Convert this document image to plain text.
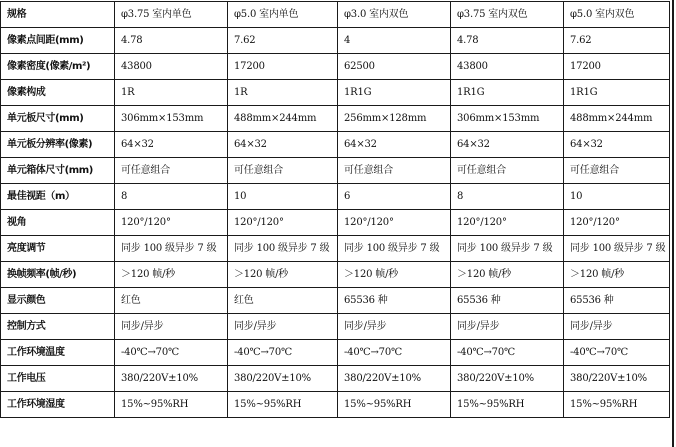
规格	φ3.75 室内单色	φ5.0 室内单色	φ3.0 室内双色	φ3.75 室内双色	φ5.0 室内双色
像素点间距(mm)	4.78	7.62	4	4.78	7.62
像素密度(像素/m²)	43800	17200	62500	43800	17200
像素构成	1R	1R	1R1G	1R1G	1R1G
单元板尺寸(mm)	306mm×153mm	488mm×244mm	256mm×128mm	306mm×153mm	488mm×244mm
单元板分辨率(像素)	64×32	64×32	64×32	64×32	64×32
单元箱体尺寸(mm)	可任意组合	可任意组合	可任意组合	可任意组合	可任意组合
最佳视距（m）	8	10	6	8	10
视角	120°/120°	120°/120°	120°/120°	120°/120°	120°/120°
亮度调节	同步 100 级异步 7 级	同步 100 级异步 7 级	同步 100 级异步 7 级	同步 100 级异步 7 级	同步 100 级异步 7 级
换帧频率(帧/秒)	＞120 帧/秒	＞120 帧/秒	＞120 帧/秒	＞120 帧/秒	＞120 帧/秒
显示颜色	红色	红色	65536 种	65536 种	65536 种
控制方式	同步/异步	同步/异步	同步/异步	同步/异步	同步/异步
工作环境温度	-40℃→70℃	-40℃→70℃	-40℃→70℃	-40℃→70℃	-40℃→70℃
工作电压	380/220V±10%	380/220V±10%	380/220V±10%	380/220V±10%	380/220V±10%
工作环境湿度	15%~95%RH	15%~95%RH	15%~95%RH	15%~95%RH	15%~95%RH
